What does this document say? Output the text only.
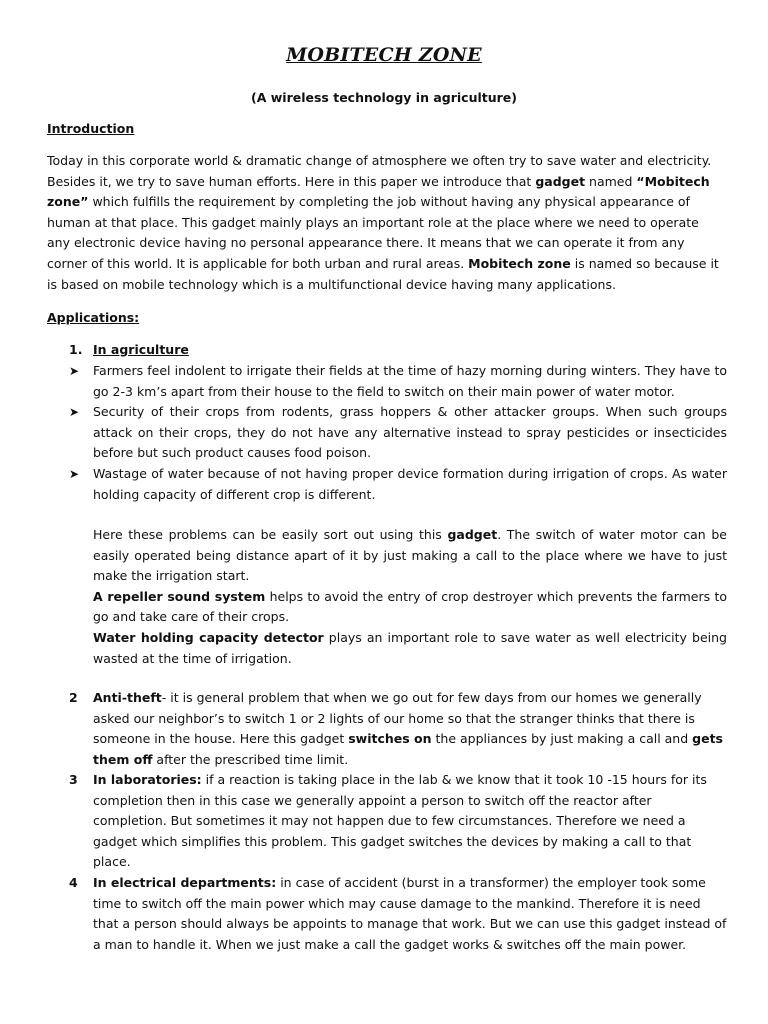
MOBITECH ZONE

(A wireless technology in agriculture)

Introduction

Today in this corporate world & dramatic change of atmosphere we often try to save water and electricity.
Besides it, we try to save human efforts. Here in this paper we introduce that gadget named “Mobitech
zone” which fulfills the requirement by completing the job without having any physical appearance of
human at that place. This gadget mainly plays an important role at the place where we need to operate
any electronic device having no personal appearance there. It means that we can operate it from any
corner of this world. It is applicable for both urban and rural areas. Mobitech zone is named so because it
is based on mobile technology which is a multifunctional device having many applications.

Applications:
1. In agriculture
➤ Farmers feel indolent to irrigate their fields at the time of hazy morning during winters. They have to go 2-3 km’s apart from their house to the field to switch on their main power of water motor.
➤ Security of their crops from rodents, grass hoppers & other attacker groups. When such groups attack on their crops, they do not have any alternative instead to spray pesticides or insecticides before but such product causes food poison.
➤ Wastage of water because of not having proper device formation during irrigation of crops. As water holding capacity of different crop is different.

Here these problems can be easily sort out using this gadget. The switch of water motor can be easily operated being distance apart of it by just making a call to the place where we have to just make the irrigation start.
A repeller sound system helps to avoid the entry of crop destroyer which prevents the farmers to go and take care of their crops.
Water holding capacity detector plays an important role to save water as well electricity being wasted at the time of irrigation.

2 Anti-theft- it is general problem that when we go out for few days from our homes we generally asked our neighbor’s to switch 1 or 2 lights of our home so that the stranger thinks that there is someone in the house. Here this gadget switches on the appliances by just making a call and gets them off after the prescribed time limit.
3 In laboratories: if a reaction is taking place in the lab & we know that it took 10 -15 hours for its completion then in this case we generally appoint a person to switch off the reactor after completion. But sometimes it may not happen due to few circumstances. Therefore we need a gadget which simplifies this problem. This gadget switches the devices by making a call to that place.
4 In electrical departments: in case of accident (burst in a transformer) the employer took some time to switch off the main power which may cause damage to the mankind. Therefore it is need that a person should always be appoints to manage that work. But we can use this gadget instead of a man to handle it. When we just make a call the gadget works & switches off the main power.
